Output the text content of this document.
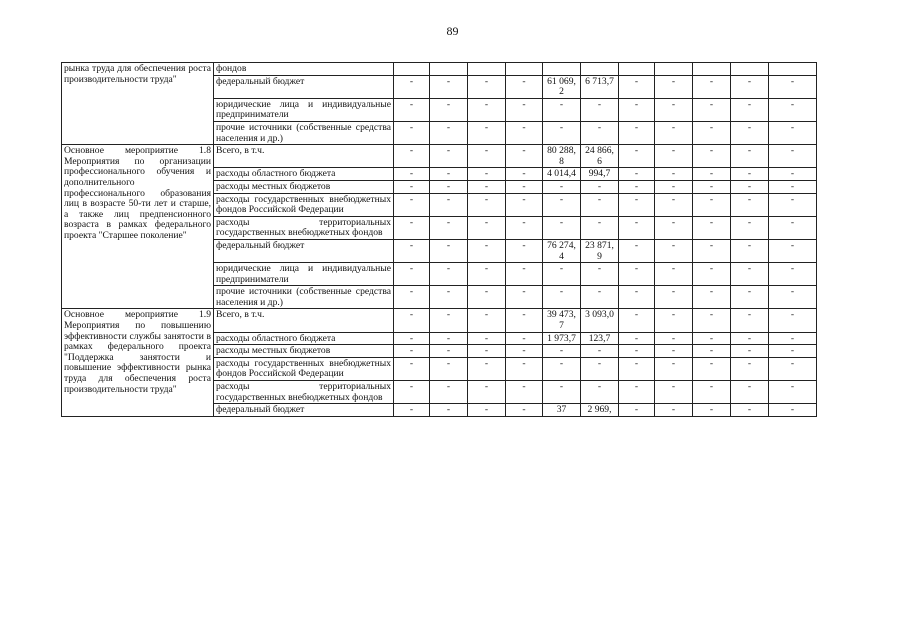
89
рынка труда для обеспечения роста производительности труда"	фондов											
	федеральный бюджет	-	-	-	-	61 069,2	6 713,7	-	-	-	-	-
	юридические лица и индивидуальные предприниматели	-	-	-	-	-	-	-	-	-	-	-
	прочие источники (собственные средства населения и др.)	-	-	-	-	-	-	-	-	-	-	-
Основное мероприятие 1.8 Мероприятия по организации профессионального обучения и дополнительного профессионального образования лиц в возрасте 50-ти лет и старше, а также лиц предпенсионного возраста в рамках федерального проекта "Старшее поколение"	Всего, в т.ч.	-	-	-	-	80 288,8	24 866,6	-	-	-	-	-
	расходы областного бюджета	-	-	-	-	4 014,4	994,7	-	-	-	-	-
	расходы местных бюджетов	-	-	-	-	-	-	-	-	-	-	-
	расходы государственных внебюджетных фондов Российской Федерации	-	-	-	-	-	-	-	-	-	-	-
	расходы территориальных государственных внебюджетных фондов	-	-	-	-	-	-	-	-	-	-	-
	федеральный бюджет	-	-	-	-	76 274,4	23 871,9	-	-	-	-	-
	юридические лица и индивидуальные предприниматели	-	-	-	-	-	-	-	-	-	-	-
	прочие источники (собственные средства населения и др.)	-	-	-	-	-	-	-	-	-	-	-
Основное мероприятие 1.9 Мероприятия по повышению эффективности службы занятости в рамках федерального проекта "Поддержка занятости и повышение эффективности рынка труда для обеспечения роста производительности труда"	Всего, в т.ч.	-	-	-	-	39 473,7	3 093,0	-	-	-	-	-
	расходы областного бюджета	-	-	-	-	1 973,7	123,7	-	-	-	-	-
	расходы местных бюджетов	-	-	-	-	-	-	-	-	-	-	-
	расходы государственных внебюджетных фондов Российской Федерации	-	-	-	-	-	-	-	-	-	-	-
	расходы территориальных государственных внебюджетных фондов	-	-	-	-	-	-	-	-	-	-	-
	федеральный бюджет	-	-	-	-	37	2 969,	-	-	-	-	-
